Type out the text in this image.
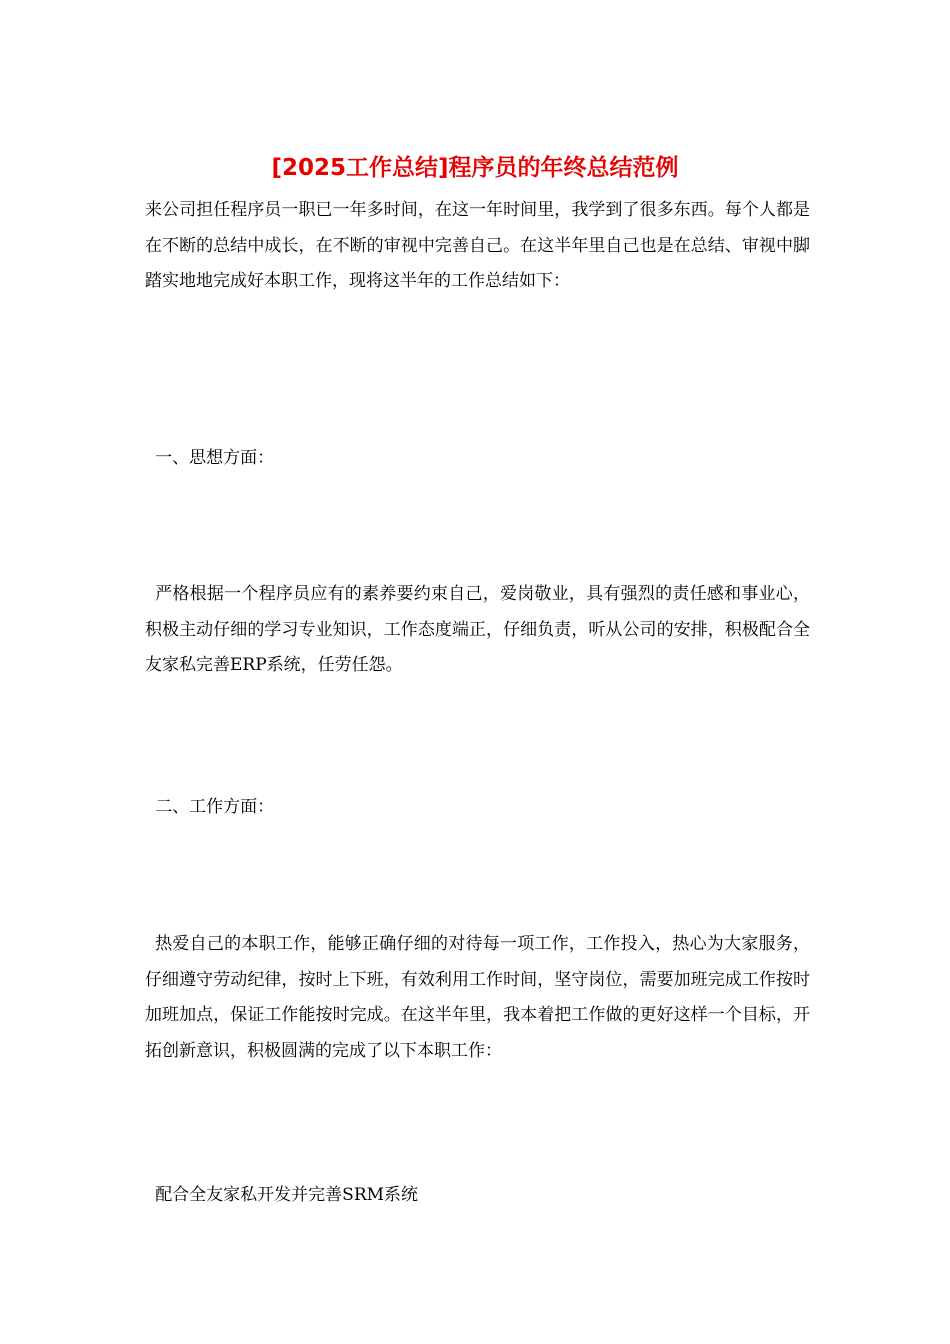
[2025工作总结]程序员的年终总结范例

来公司担任程序员一职已一年多时间，在这一年时间里，我学到了很多东西。每个人都是在不断的总结中成长，在不断的审视中完善自己。在这半年里自己也是在总结、审视中脚踏实地地完成好本职工作，现将这半年的工作总结如下：

一、思想方面：

严格根据一个程序员应有的素养要约束自己，爱岗敬业，具有强烈的责任感和事业心，积极主动仔细的学习专业知识，工作态度端正，仔细负责，听从公司的安排，积极配合全友家私完善ERP系统，任劳任怨。

二、工作方面：

热爱自己的本职工作，能够正确仔细的对待每一项工作，工作投入，热心为大家服务，仔细遵守劳动纪律，按时上下班，有效利用工作时间，坚守岗位，需要加班完成工作按时加班加点，保证工作能按时完成。在这半年里，我本着把工作做的更好这样一个目标，开拓创新意识，积极圆满的完成了以下本职工作：

配合全友家私开发并完善SRM系统
